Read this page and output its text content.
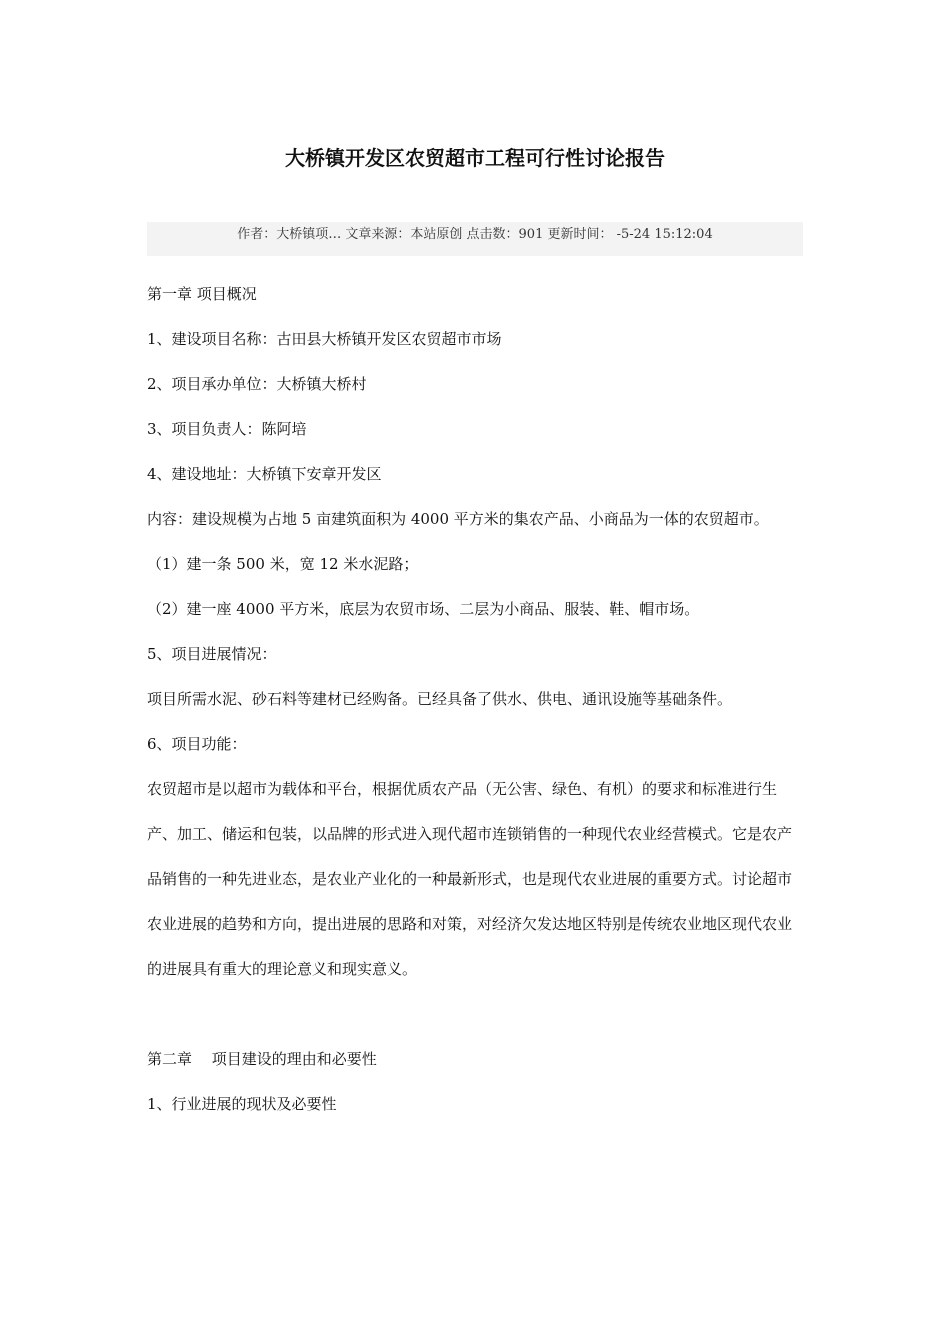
大桥镇开发区农贸超市工程可行性讨论报告
作者：大桥镇项… 文章来源：本站原创 点击数：901 更新时间： -5-24 15:12:04

第一章 项目概况

1、建设项目名称：古田县大桥镇开发区农贸超市市场

2、项目承办单位：大桥镇大桥村

3、项目负责人：陈阿培

4、建设地址：大桥镇下安章开发区

内容：建设规模为占地 5 亩建筑面积为 4000 平方米的集农产品、小商品为一体的农贸超市。

（1）建一条 500 米，宽 12 米水泥路；

（2）建一座 4000 平方米，底层为农贸市场、二层为小商品、服装、鞋、帽市场。

5、项目进展情况：

项目所需水泥、砂石料等建材已经购备。已经具备了供水、供电、通讯设施等基础条件。

6、项目功能：

农贸超市是以超市为载体和平台，根据优质农产品（无公害、绿色、有机）的要求和标准进行生产、加工、储运和包装，以品牌的形式进入现代超市连锁销售的一种现代农业经营模式。它是农产品销售的一种先进业态，是农业产业化的一种最新形式，也是现代农业进展的重要方式。讨论超市农业进展的趋势和方向，提出进展的思路和对策，对经济欠发达地区特别是传统农业地区现代农业的进展具有重大的理论意义和现实意义。

第二章　 项目建设的理由和必要性

1、行业进展的现状及必要性
